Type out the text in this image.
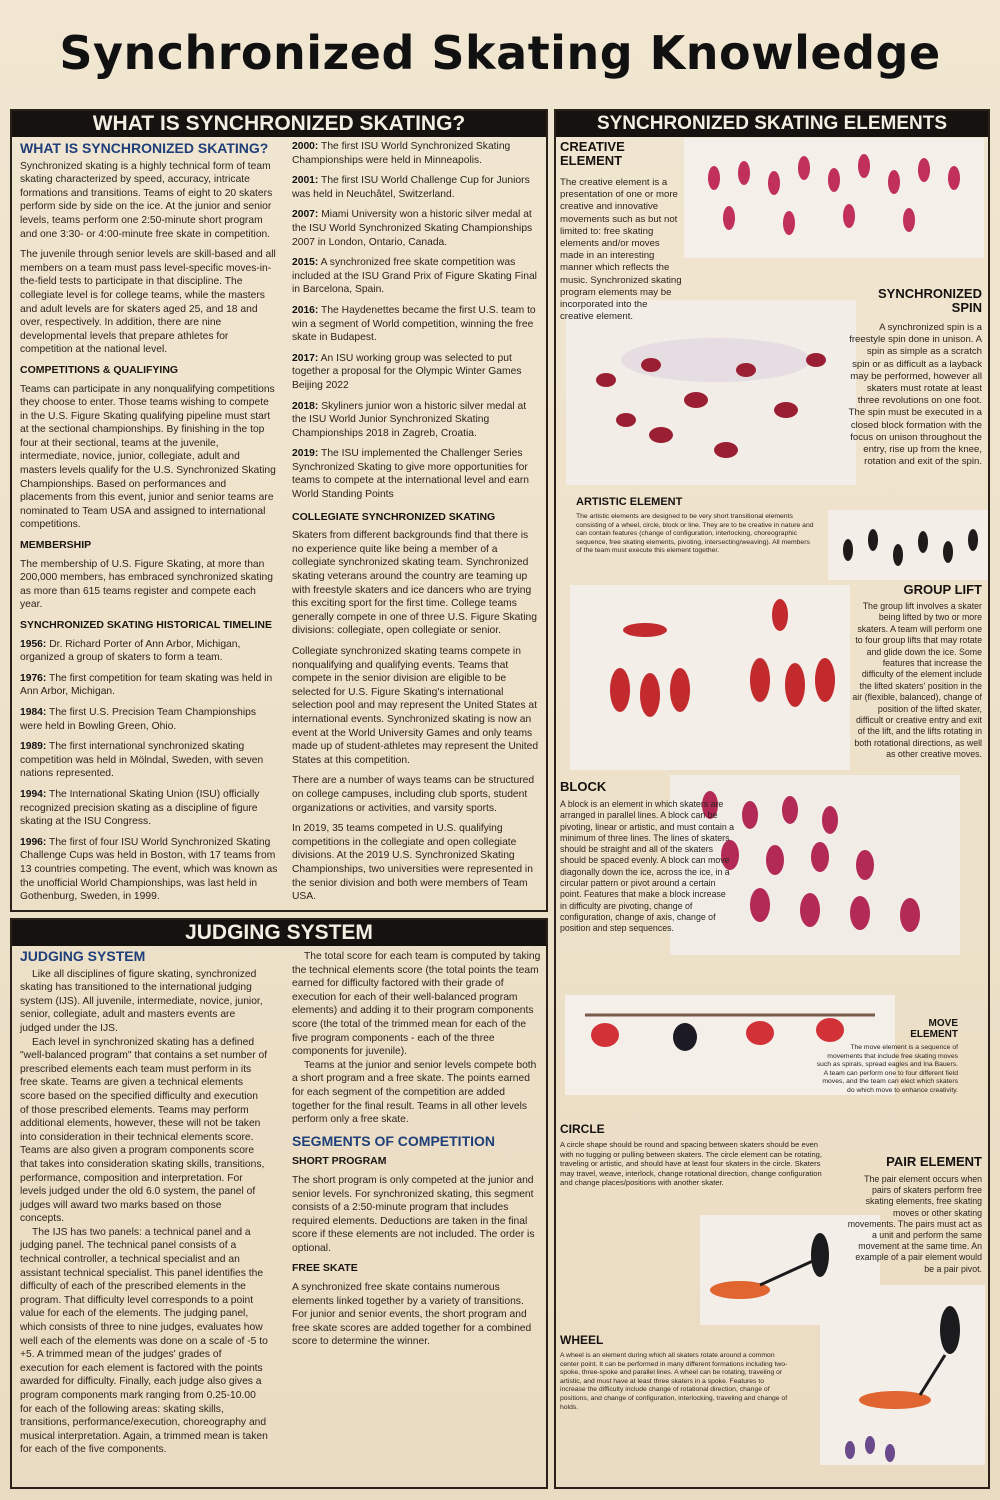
Synchronized Skating Knowledge
WHAT IS SYNCHRONIZED SKATING?	SYNCHRONIZED SKATING ELEMENTS
JUDGING SYSTEM
WHAT IS SYNCHRONIZED SKATING?

Synchronized skating is a highly technical form of team skating characterized by speed, accuracy, intricate formations and transitions. Teams of eight to 20 skaters perform side by side on the ice. At the junior and senior levels, teams perform one 2:50-minute short program and one 3:30- or 4:00-minute free skate in competition.

The juvenile through senior levels are skill-based and all members on a team must pass level-specific moves-in-the-field tests to participate in that discipline. The collegiate level is for college teams, while the masters and adult levels are for skaters aged 25, and 18 and over, respectively. In addition, there are nine developmental levels that prepare athletes for competition at the national level.

COMPETITIONS & QUALIFYING

Teams can participate in any nonqualifying competitions they choose to enter. Those teams wishing to compete in the U.S. Figure Skating qualifying pipeline must start at the sectional championships. By finishing in the top four at their sectional, teams at the juvenile, intermediate, novice, junior, collegiate, adult and masters levels qualify for the U.S. Synchronized Skating Championships. Based on performances and placements from this event, junior and senior teams are nominated to Team USA and assigned to international competitions.

MEMBERSHIP

The membership of U.S. Figure Skating, at more than 200,000 members, has embraced synchronized skating as more than 615 teams register and compete each year.

SYNCHRONIZED SKATING HISTORICAL TIMELINE

1956: Dr. Richard Porter of Ann Arbor, Michigan, organized a group of skaters to form a team.

1976: The first competition for team skating was held in Ann Arbor, Michigan.

1984: The first U.S. Precision Team Championships were held in Bowling Green, Ohio.

1989: The first international synchronized skating competition was held in Mölndal, Sweden, with seven nations represented.

1994: The International Skating Union (ISU) officially recognized precision skating as a discipline of figure skating at the ISU Congress.

1996: The first of four ISU World Synchronized Skating Challenge Cups was held in Boston, with 17 teams from 13 countries competing. The event, which was known as the unofficial World Championships, was last held in Gothenburg, Sweden, in 1999.

2000: The first ISU World Synchronized Skating Championships were held in Minneapolis.

2001: The first ISU World Challenge Cup for Juniors was held in Neuchâtel, Switzerland.

2007: Miami University won a historic silver medal at the ISU World Synchronized Skating Championships 2007 in London, Ontario, Canada.

2015: A synchronized free skate competition was included at the ISU Grand Prix of Figure Skating Final in Barcelona, Spain.

2016: The Haydenettes became the first U.S. team to win a segment of World competition, winning the free skate in Budapest.

2017: An ISU working group was selected to put together a proposal for the Olympic Winter Games Beijing 2022

2018: Skyliners junior won a historic silver medal at the ISU World Junior Synchronized Skating Championships 2018 in Zagreb, Croatia.

2019: The ISU implemented the Challenger Series Synchronized Skating to give more opportunities for teams to compete at the international level and earn World Standing Points

COLLEGIATE SYNCHRONIZED SKATING

Skaters from different backgrounds find that there is no experience quite like being a member of a collegiate synchronized skating team. Synchronized skating veterans around the country are teaming up with freestyle skaters and ice dancers who are trying this exciting sport for the first time. College teams generally compete in one of three U.S. Figure Skating divisions: collegiate, open collegiate or senior.

Collegiate synchronized skating teams compete in nonqualifying and qualifying events. Teams that compete in the senior division are eligible to be selected for U.S. Figure Skating's international selection pool and may represent the United States at international events. Synchronized skating is now an event at the World University Games and only teams made up of student-athletes may represent the United States at this competition.

There are a number of ways teams can be structured on college campuses, including club sports, student organizations or activities, and varsity sports.

In 2019, 35 teams competed in U.S. qualifying competitions in the collegiate and open collegiate divisions. At the 2019 U.S. Synchronized Skating Championships, two universities were represented in the senior division and both were members of Team USA.

JUDGING SYSTEM

Like all disciplines of figure skating, synchronized skating has transitioned to the international judging system (IJS). All juvenile, intermediate, novice, junior, senior, collegiate, adult and masters events are judged under the IJS.

Each level in synchronized skating has a defined "well-balanced program" that contains a set number of prescribed elements each team must perform in its free skate. Teams are given a technical elements score based on the specified difficulty and execution of those prescribed elements. Teams may perform additional elements, however, these will not be taken into consideration in their technical elements score. Teams are also given a program components score that takes into consideration skating skills, transitions, performance, composition and interpretation. For levels judged under the old 6.0 system, the panel of judges will award two marks based on those concepts.

The IJS has two panels: a technical panel and a judging panel. The technical panel consists of a technical controller, a technical specialist and an assistant technical specialist. This panel identifies the difficulty of each of the prescribed elements in the program. That difficulty level corresponds to a point value for each of the elements. The judging panel, which consists of three to nine judges, evaluates how well each of the elements was done on a scale of -5 to +5. A trimmed mean of the judges' grades of execution for each element is factored with the points awarded for difficulty. Finally, each judge also gives a program components mark ranging from 0.25-10.00 for each of the following areas: skating skills, transitions, performance/execution, choreography and musical interpretation. Again, a trimmed mean is taken for each of the five components.

The total score for each team is computed by taking the technical elements score (the total points the team earned for difficulty factored with their grade of execution for each of their well-balanced program elements) and adding it to their program components score (the total of the trimmed mean for each of the five program components - each of the three components for juvenile).

Teams at the junior and senior levels compete both a short program and a free skate. The points earned for each segment of the competition are added together for the final result. Teams in all other levels perform only a free skate.

SEGMENTS OF COMPETITION
SHORT PROGRAM

The short program is only competed at the junior and senior levels. For synchronized skating, this segment consists of a 2:50-minute program that includes required elements. Deductions are taken in the final score if these elements are not included. The order is optional.

FREE SKATE

A synchronized free skate contains numerous elements linked together by a variety of transitions. For junior and senior events, the short program and free skate scores are added together for a combined score to determine the winner.

CREATIVE
ELEMENT
The creative element is a presentation of one or more creative and innovative movements such as but not limited to: free skating elements and/or moves made in an interesting manner which reflects the music. Synchronized skating program elements may be incorporated into the creative element.
SYNCHRONIZED
SPIN
A synchronized spin is a freestyle spin done in unison. A spin as simple as a scratch spin or as difficult as a layback may be performed, however all skaters must rotate at least three revolutions on one foot. The spin must be executed in a closed block formation with the focus on unison throughout the entry, rise up from the knee, rotation and exit of the spin.
ARTISTIC ELEMENT
The artistic elements are designed to be very short transitional elements consisting of a wheel, circle, block or line. They are to be creative in nature and can contain features (change of configuration, interlocking, choreographic sequence, free skating elements, pivoting, intersecting/weaving). All members of the team must execute this element together.
GROUP LIFT
The group lift involves a skater being lifted by two or more skaters. A team will perform one to four group lifts that may rotate and glide down the ice. Some features that increase the difficulty of the element include the lifted skaters' position in the air (flexible, balanced), change of position of the lifted skater, difficult or creative entry and exit of the lift, and the lifts rotating in both rotational directions, as well as other creative moves.
BLOCK
A block is an element in which skaters are arranged in parallel lines. A block can be pivoting, linear or artistic, and must contain a minimum of three lines. The lines of skaters should be straight and all of the skaters should be spaced evenly. A block can move diagonally down the ice, across the ice, in a circular pattern or pivot around a certain point. Features that make a block increase in difficulty are pivoting, change of configuration, change of axis, change of position and step sequences.
MOVE
ELEMENT
The move element is a sequence of movements that include free skating moves such as spirals, spread eagles and Ina Bauers. A team can perform one to four different field moves, and the team can elect which skaters do which move to enhance creativity.
CIRCLE
A circle shape should be round and spacing between skaters should be even with no tugging or pulling between skaters. The circle element can be rotating, traveling or artistic, and should have at least four skaters in the circle. Skaters may travel, weave, interlock, change rotational direction, change configuration and change places/positions with another skater.
PAIR ELEMENT
The pair element occurs when pairs of skaters perform free skating elements, free skating moves or other skating movements. The pairs must act as a unit and perform the same movement at the same time. An example of a pair element would be a pair pivot.
WHEEL
A wheel is an element during which all skaters rotate around a common center point. It can be performed in many different formations including two-spoke, three-spoke and parallel lines. A wheel can be rotating, traveling or artistic, and must have at least three skaters in a spoke. Features to increase the difficulty include change of rotational direction, change of positions, and change of configuration, interlocking, traveling and change of holds.
